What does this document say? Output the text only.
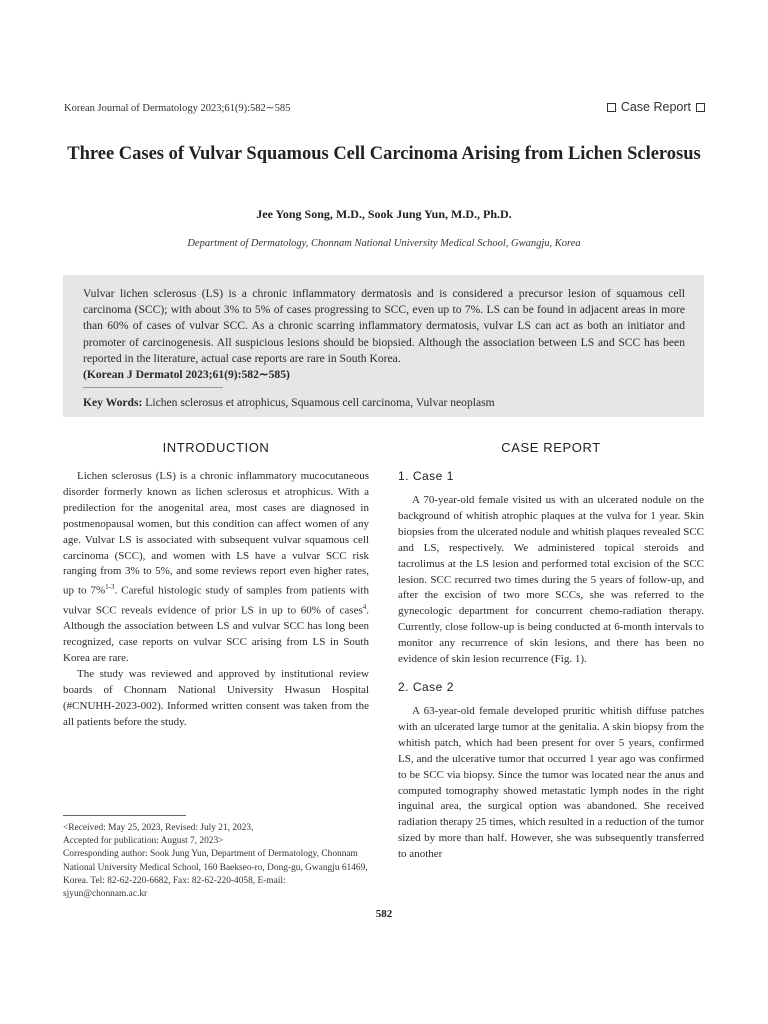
Korean Journal of Dermatology 2023;61(9):582∼585	Case Report
Three Cases of Vulvar Squamous Cell Carcinoma Arising from Lichen Sclerosus
Jee Yong Song, M.D., Sook Jung Yun, M.D., Ph.D.
Department of Dermatology, Chonnam National University Medical School, Gwangju, Korea
Vulvar lichen sclerosus (LS) is a chronic inflammatory dermatosis and is considered a precursor lesion of squamous cell carcinoma (SCC); with about 3% to 5% of cases progressing to SCC, even up to 7%. LS can be found in adjacent areas in more than 60% of cases of vulvar SCC. As a chronic scarring inflammatory dermatosis, vulvar LS can act as both an initiator and promoter of carcinogenesis. All suspicious lesions should be biopsied. Although the association between LS and SCC has been reported in the literature, actual case reports are rare in South Korea.
(Korean J Dermatol 2023;61(9):582∼585)
Key Words: Lichen sclerosus et atrophicus, Squamous cell carcinoma, Vulvar neoplasm
INTRODUCTION

Lichen sclerosus (LS) is a chronic inflammatory mucocutaneous disorder formerly known as lichen sclerosus et atrophicus. With a predilection for the anogenital area, most cases are diagnosed in postmenopausal women, but this condition can affect women of any age. Vulvar LS is associated with subsequent vulvar squamous cell carcinoma (SCC), and women with LS have a vulvar SCC risk ranging from 3% to 5%, and some reviews report even higher rates, up to 7%$^{1-3}$. Careful histologic study of samples from patients with vulvar SCC reveals evidence of prior LS in up to 60% of cases$^4$. Although the association between LS and vulvar SCC has long been recognized, case reports on vulvar SCC arising from LS in South Korea are rare.

The study was reviewed and approved by institutional review boards of Chonnam National University Hwasun Hospital (#CNUHH-2023-002). Informed written consent was taken from the all patients before the study.

<Received: May 25, 2023, Revised: July 21, 2023,
Accepted for publication: August 7, 2023>
Corresponding author: Sook Jung Yun, Department of Dermatology, Chonnam National University Medical School, 160 Baekseo-ro, Dong-gu, Gwangju 61469, Korea. Tel: 82-62-220-6682, Fax: 82-62-220-4058, E-mail: sjyun@chonnam.ac.kr
CASE REPORT
1. Case 1

A 70-year-old female visited us with an ulcerated nodule on the background of whitish atrophic plaques at the vulva for 1 year. Skin biopsies from the ulcerated nodule and whitish plaques revealed SCC and LS, respectively. We administered topical steroids and tacrolimus at the LS lesion and performed total excision of the SCC lesion. SCC recurred two times during the 5 years of follow-up, and after the excision of two more SCCs, she was referred to the gynecologic department for concurrent chemo-radiation therapy. Currently, close follow-up is being conducted at 6-month intervals to monitor any recurrence of skin lesions, and there has been no evidence of skin lesion recurrence (Fig. 1).

2. Case 2

A 63-year-old female developed pruritic whitish diffuse patches with an ulcerated large tumor at the genitalia. A skin biopsy from the whitish patch, which had been present for over 5 years, confirmed LS, and the ulcerative tumor that occurred 1 year ago was confirmed to be SCC via biopsy. Since the tumor was located near the anus and computed tomography showed metastatic lymph nodes in the right inguinal area, the surgical option was abandoned. She received radiation therapy 25 times, which resulted in a reduction of the tumor sized by more than half. However, she was subsequently transferred to another

582
